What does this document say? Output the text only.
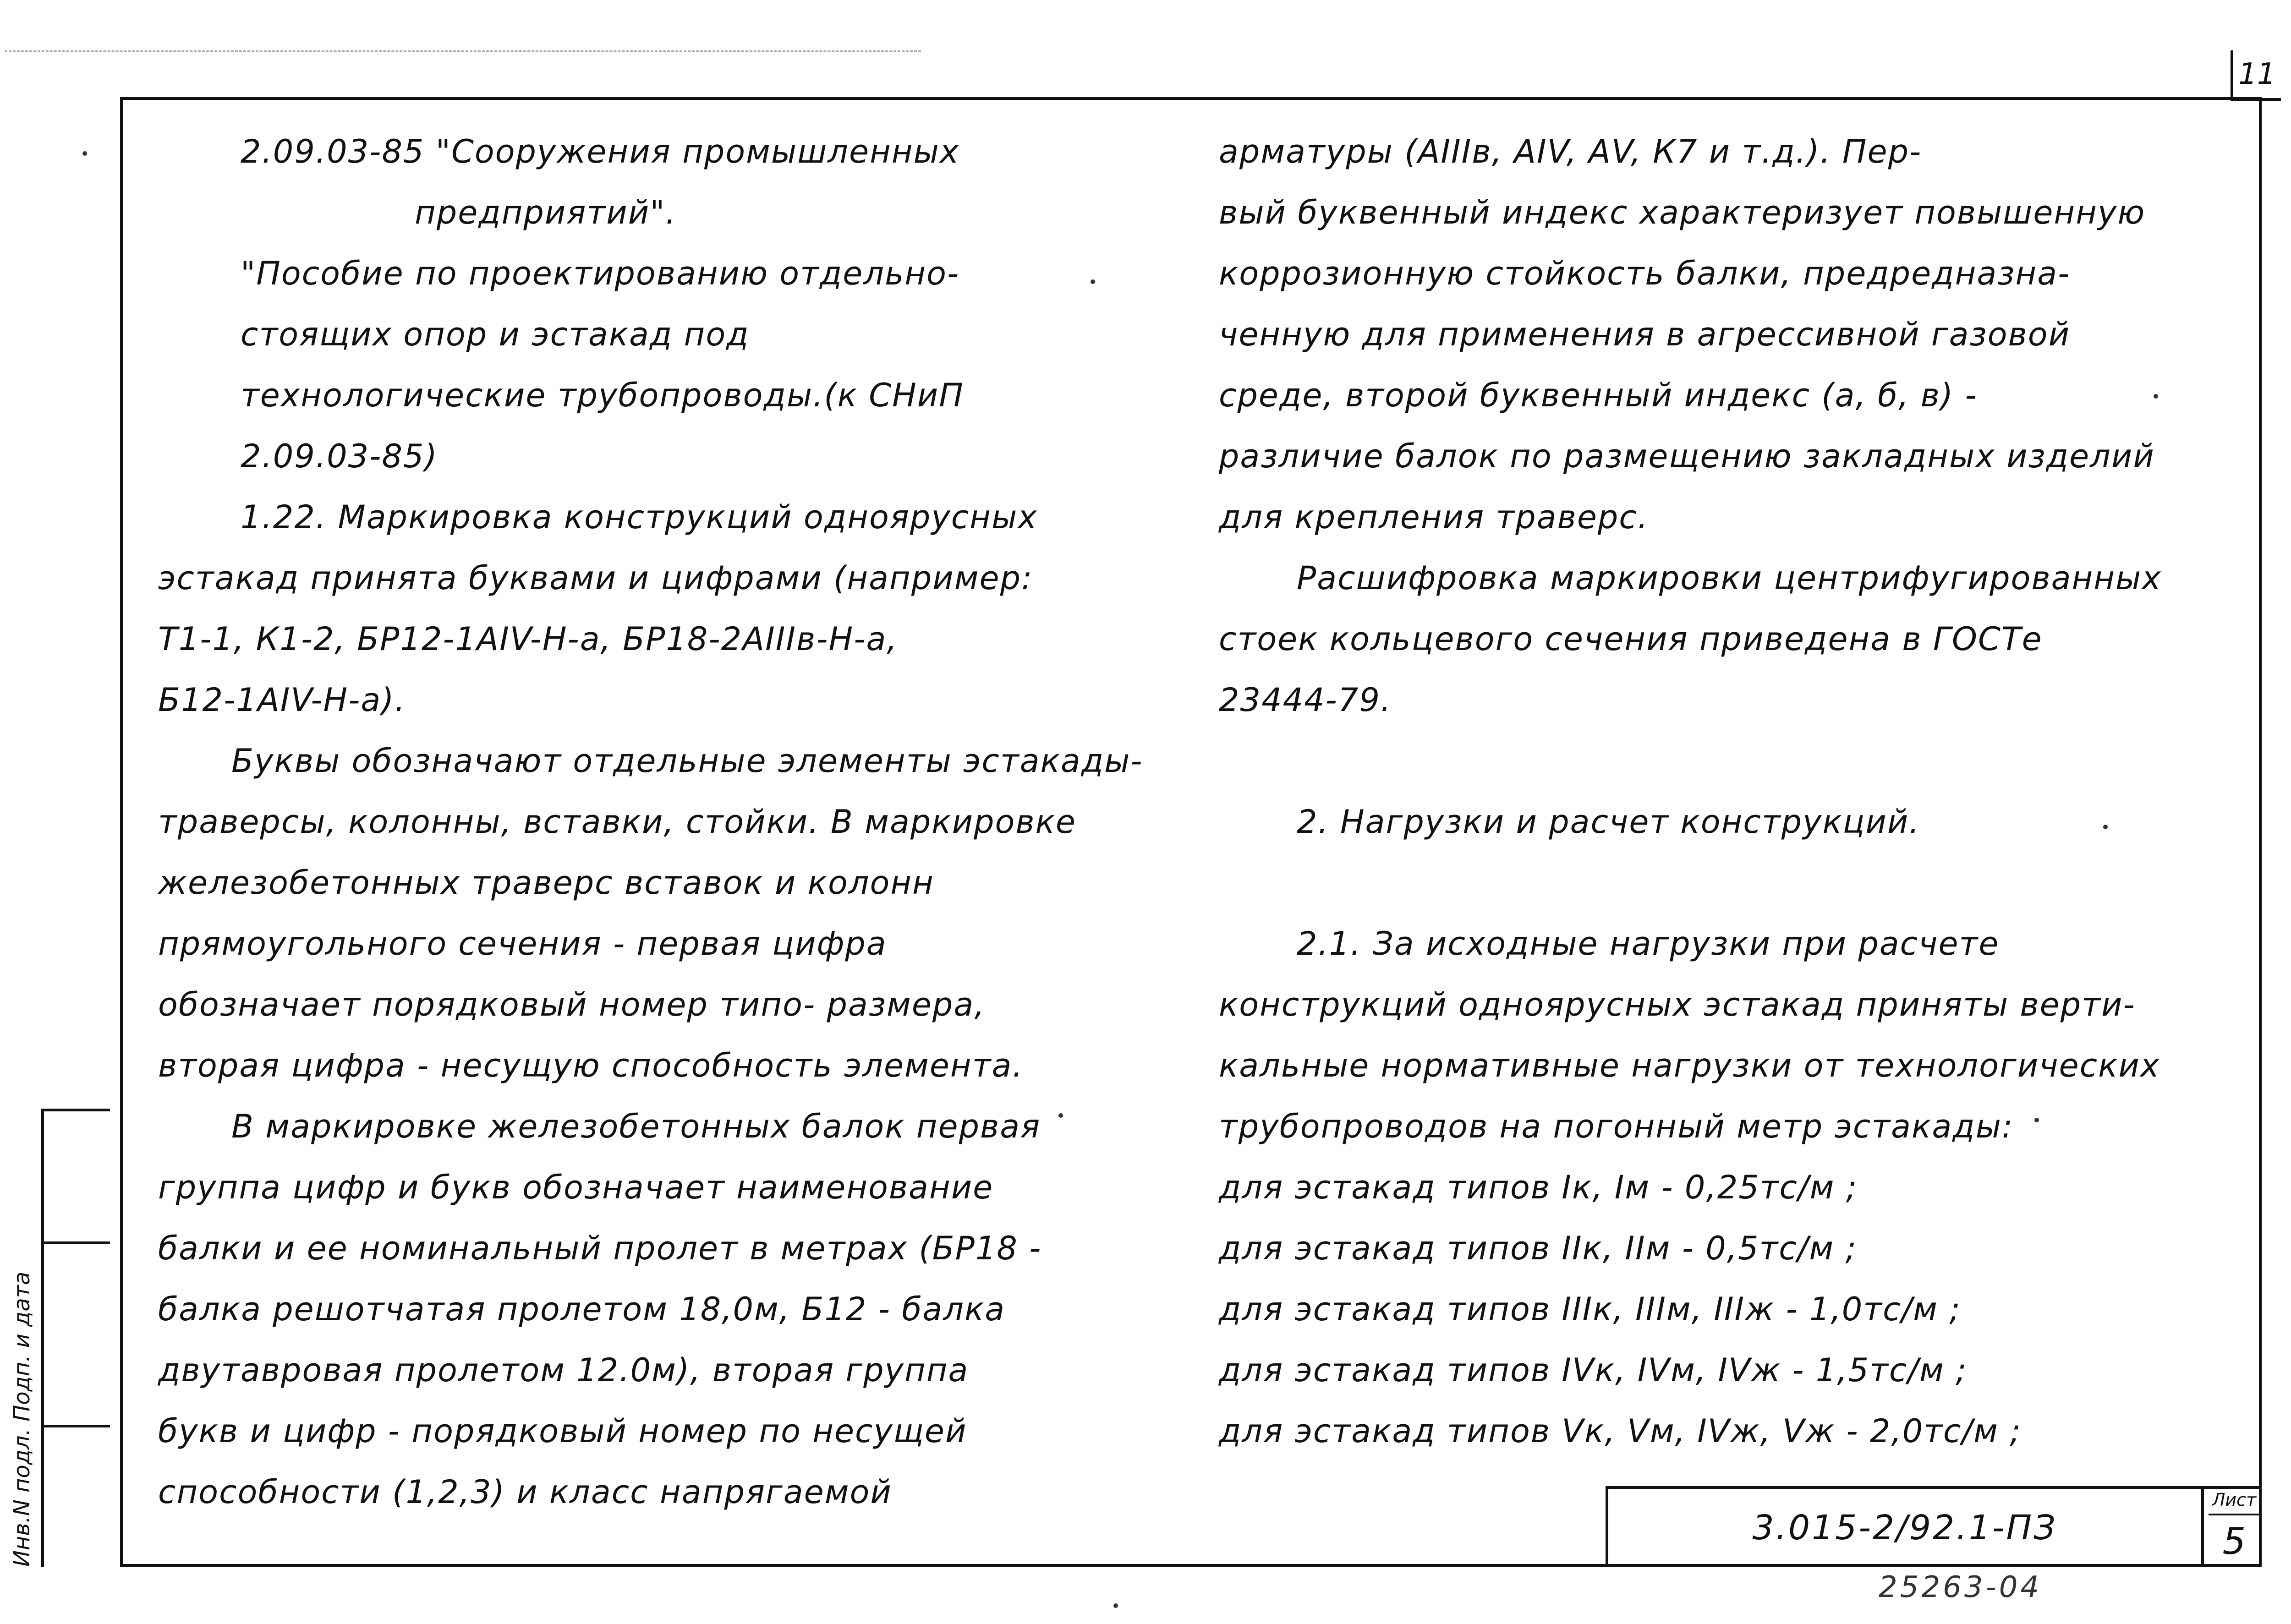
11
2.09.03-85 "Сооружения промышленных
предприятий".
"Пособие по проектированию отдельно-
стоящих опор и эстакад под
технологические трубопроводы.(к СНиП
2.09.03-85)
1.22. Маркировка конструкций одноярусных
эстакад принята буквами и цифрами (например:
Т1-1, К1-2, БР12-1АIV-Н-а, БР18-2АIIIв-Н-а,
Б12-1АIV-Н-а).
Буквы обозначают отдельные элементы эстакады-
траверсы, колонны, вставки, стойки. В маркировке
железобетонных траверс вставок и колонн
прямоугольного сечения - первая цифра
обозначает порядковый номер типо- размера,
вторая цифра - несущую способность элемента.
В маркировке железобетонных балок первая
группа цифр и букв обозначает наименование
балки и ее номинальный пролет в метрах (БР18 -
балка решотчатая пролетом 18,0м, Б12 - балка
двутавровая пролетом 12.0м), вторая группа
букв и цифр - порядковый номер по несущей
способности (1,2,3) и класс напрягаемой
арматуры (АIIIв, АIV, АV, К7 и т.д.). Пер-
вый буквенный индекс характеризует повышенную
коррозионную стойкость балки, предредназна-
ченную для применения в агрессивной газовой
среде, второй буквенный индекс (а, б, в) -
различие балок по размещению закладных изделий
для крепления траверс.
Расшифровка маркировки центрифугированных
стоек кольцевого сечения приведена в ГОСТе
23444-79.
2. Нагрузки и расчет конструкций.
2.1. За исходные нагрузки при расчете
конструкций одноярусных эстакад приняты верти-
кальные нормативные нагрузки от технологических
трубопроводов на погонный метр эстакады:
для эстакад типов Iк, Iм - 0,25тс/м ;
для эстакад типов IIк, IIм - 0,5тс/м ;
для эстакад типов IIIк, IIIм, IIIж - 1,0тс/м ;
для эстакад типов IVк, IVм, IVж - 1,5тс/м ;
для эстакад типов Vк, Vм, IVж, Vж - 2,0тс/м ;
3.015-2/92.1-ПЗ
Лист
5
25263-04
Инв.N подл. Подп. и дата
